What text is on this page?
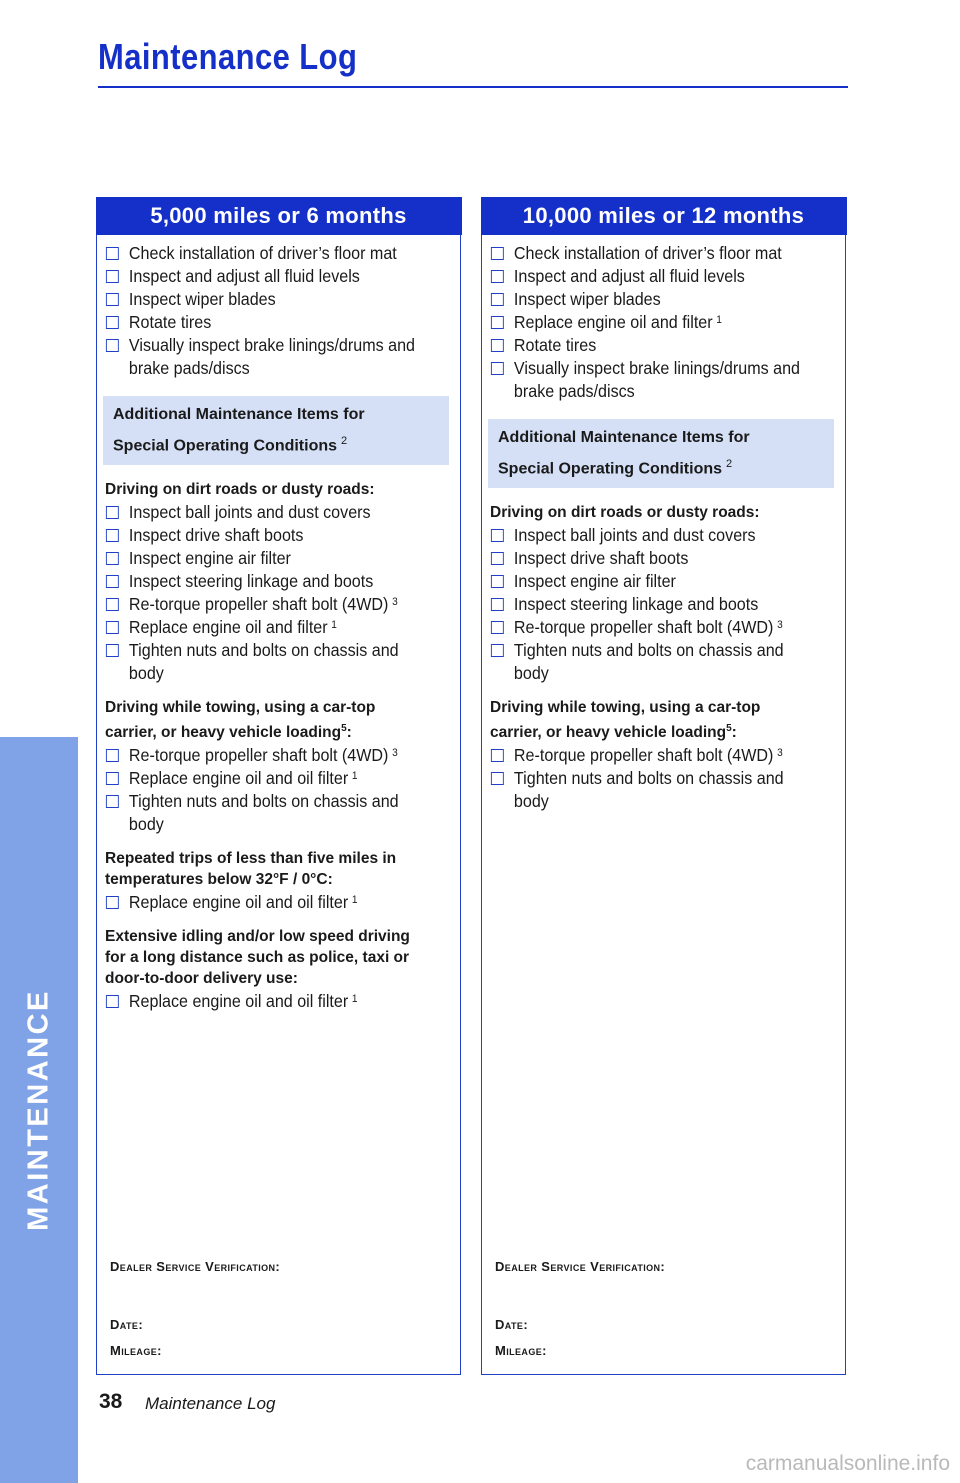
Maintenance Log
MAINTENANCE
5,000 miles or 6 months
Check installation of driver’s floor mat
Inspect and adjust all fluid levels
Inspect wiper blades
Rotate tires
Visually inspect brake linings/drums and
brake pads/discs
Additional Maintenance Items for
Special Operating Conditions $^2$
Driving on dirt roads or dusty roads:
Inspect ball joints and dust covers
Inspect drive shaft boots
Inspect engine air filter
Inspect steering linkage and boots
Re-torque propeller shaft bolt (4WD) $^3$
Replace engine oil and filter $^1$
Tighten nuts and bolts on chassis and
body
Driving while towing, using a car-top
carrier, or heavy vehicle loading$^5$:
Re-torque propeller shaft bolt (4WD) $^3$
Replace engine oil and oil filter $^1$
Tighten nuts and bolts on chassis and
body
Repeated trips of less than five miles in
temperatures below 32°F / 0°C:
Replace engine oil and oil filter $^1$
Extensive idling and/or low speed driving
for a long distance such as police, taxi or
door-to-door delivery use:
Replace engine oil and oil filter $^1$
Dealer Service Verification:
Date:
Mileage:
10,000 miles or 12 months
Check installation of driver’s floor mat
Inspect and adjust all fluid levels
Inspect wiper blades
Replace engine oil and filter $^1$
Rotate tires
Visually inspect brake linings/drums and
brake pads/discs
Additional Maintenance Items for
Special Operating Conditions $^2$
Driving on dirt roads or dusty roads:
Inspect ball joints and dust covers
Inspect drive shaft boots
Inspect engine air filter
Inspect steering linkage and boots
Re-torque propeller shaft bolt (4WD) $^3$
Tighten nuts and bolts on chassis and
body
Driving while towing, using a car-top
carrier, or heavy vehicle loading$^5$:
Re-torque propeller shaft bolt (4WD) $^3$
Tighten nuts and bolts on chassis and
body
Dealer Service Verification:
Date:
Mileage:
38 Maintenance Log
carmanualsonline.info
